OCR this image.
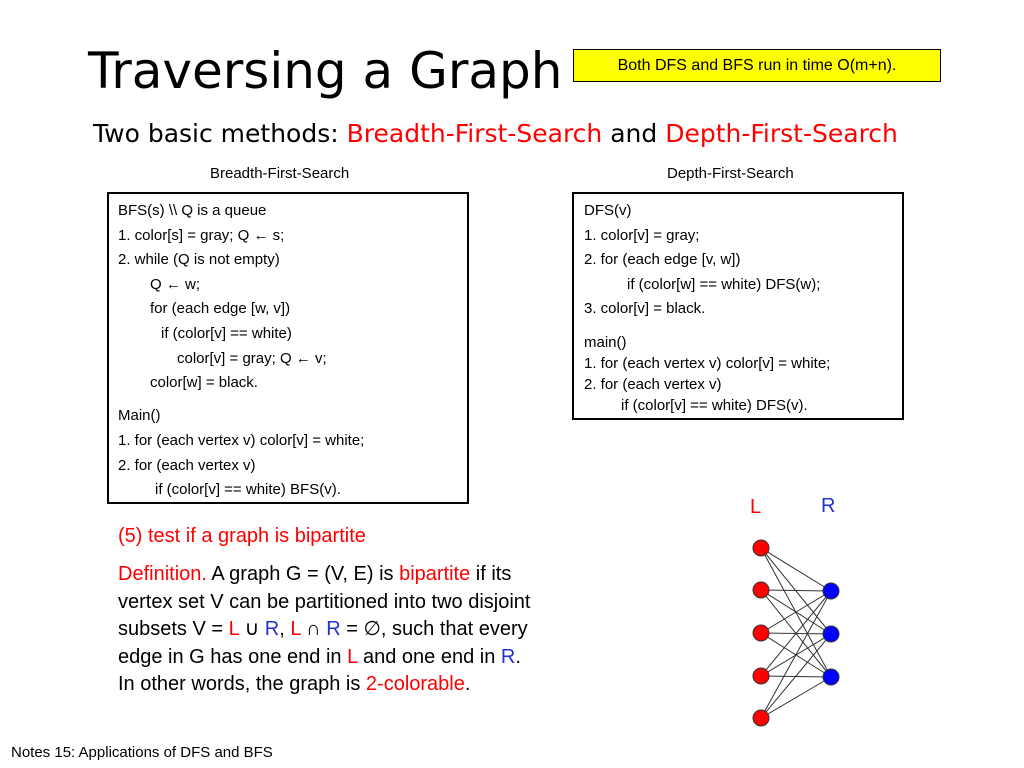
Traversing a Graph	Both DFS and BFS run in time O(m+n).
Two basic methods: Breadth-First-Search and Depth-First-Search
Breadth-First-Search	Depth-First-Search
BFS(s) \\ Q is a queue
1. color[s] = gray; Q ← s;
2. while (Q is not empty)
Q ← w;
for (each edge [w, v])
if (color[v] == white)
color[v] = gray; Q ← v;
color[w] = black.
Main()
1. for (each vertex v) color[v] = white;
2. for (each vertex v)
if (color[v] == white) BFS(v).
DFS(v)
1. color[v] = gray;
2. for (each edge [v, w])
if (color[w] == white) DFS(w);
3. color[v] = black.
main()
1. for (each vertex v) color[v] = white;
2. for (each vertex v)
if (color[v] == white) DFS(v).
(5) test if a graph is bipartite
Definition. A graph G = (V, E) is bipartite if its
vertex set V can be partitioned into two disjoint
subsets V = L ∪ R, L ∩ R = ∅, such that every
edge in G has one end in L and one end in R.
In other words, the graph is 2-colorable.
L	R
Notes 15: Applications of DFS and BFS
